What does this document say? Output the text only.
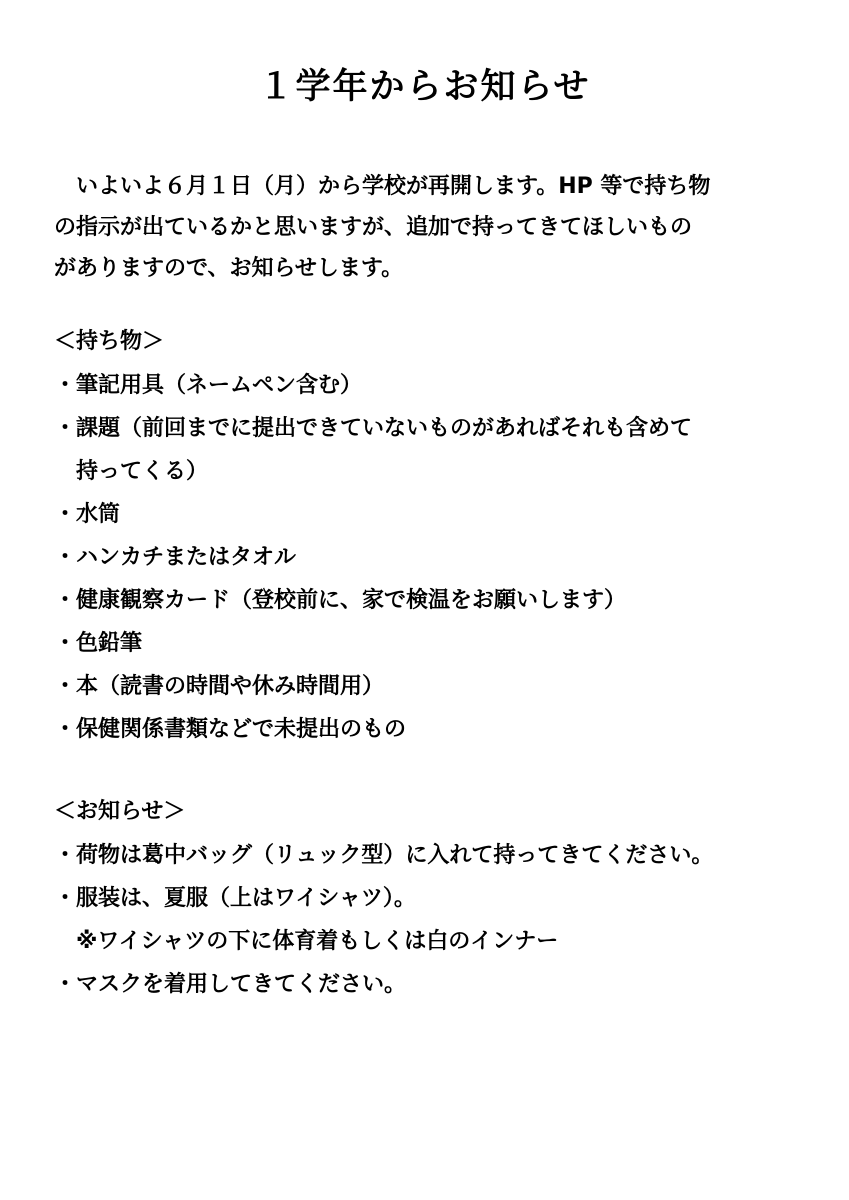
１学年からお知らせ
　いよいよ６月１日（月）から学校が再開します。HP 等で持ち物
の指示が出ているかと思いますが、追加で持ってきてほしいもの
がありますので、お知らせします。
＜持ち物＞
・筆記用具（ネームペン含む）
・課題（前回までに提出できていないものがあればそれも含めて
　持ってくる）
・水筒
・ハンカチまたはタオル
・健康観察カード（登校前に、家で検温をお願いします）
・色鉛筆
・本（読書の時間や休み時間用）
・保健関係書類などで未提出のもの
＜お知らせ＞
・荷物は葛中バッグ（リュック型）に入れて持ってきてください。
・服装は、夏服（上はワイシャツ）。
　※ワイシャツの下に体育着もしくは白のインナー
・マスクを着用してきてください。
